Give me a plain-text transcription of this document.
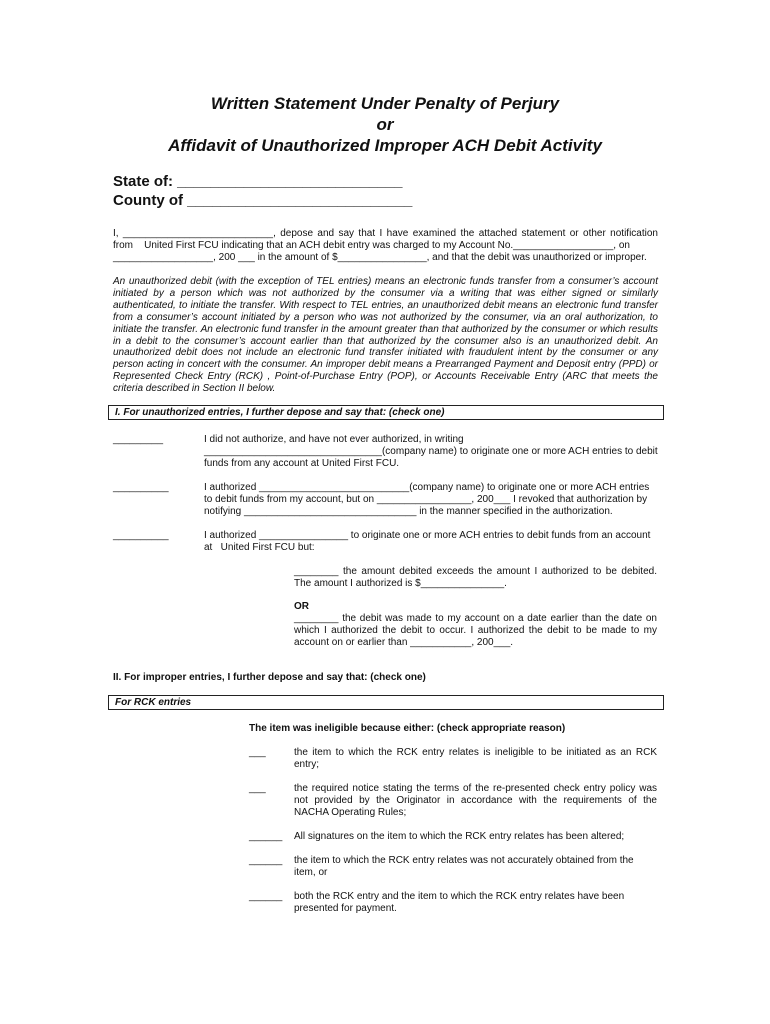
Written Statement Under Penalty of Perjury
or
Affidavit of Unauthorized Improper ACH Debit Activity
State of: ___________________________
County of ___________________________
I, ___________________________, depose and say that I have examined the attached statement or other notification
from    United First FCU indicating that an ACH debit entry was charged to my Account No.__________________, on
__________________, 200 ___ in the amount of $________________, and that the debit was unauthorized or improper.
An unauthorized debit (with the exception of TEL entries) means an electronic funds transfer from a consumer’s account initiated by a person which was not authorized by the consumer via a writing that was either signed or similarly authenticated, to initiate the transfer. With respect to TEL entries, an unauthorized debit means an electronic fund transfer from a consumer’s account initiated by a person who was not authorized by the consumer, via an oral authorization, to initiate the transfer. An electronic fund transfer in the amount greater than that authorized by the consumer or which results in a debit to the consumer’s account earlier than that authorized by the consumer also is an unauthorized debit. An unauthorized debit does not include an electronic fund transfer initiated with fraudulent intent by the consumer or any person acting in concert with the consumer. An improper debit means a Prearranged Payment and Deposit entry (PPD) or Represented Check Entry (RCK) , Point-of-Purchase Entry (POP), or Accounts Receivable Entry (ARC that meets the criteria described in Section II below.
I. For unauthorized entries, I further depose and say that: (check one)
_________	I did not authorize, and have not ever authorized, in writing
________________________________(company name) to originate one or more ACH entries to debit
funds from any account at United First FCU.
__________	I authorized ___________________________(company name) to originate one or more ACH entries
to debit funds from my account, but on _________________, 200___ I revoked that authorization by
notifying _______________________________ in the manner specified in the authorization.
__________	I authorized ________________ to originate one or more ACH entries to debit funds from an account
at   United First FCU but:
________ the amount debited exceeds the amount I authorized to be debited.
The amount I authorized is $_______________.
OR
________ the debit was made to my account on a date earlier than the date on
which I authorized the debit to occur. I authorized the debit to be made to my
account on or earlier than ___________, 200___.
II. For improper entries, I further depose and say that: (check one)
For RCK entries
The item was ineligible because either: (check appropriate reason)
___	the item to which the RCK entry relates is ineligible to be initiated as an RCK
entry;
___	the required notice stating the terms of the re-presented check entry policy was
not provided by the Originator in accordance with the requirements of the
NACHA Operating Rules;
______ All signatures on the item to which the RCK entry relates has been altered;
______ the item to which the RCK entry relates was not accurately obtained from the
item, or
______ both the RCK entry and the item to which the RCK entry relates have been
presented for payment.
